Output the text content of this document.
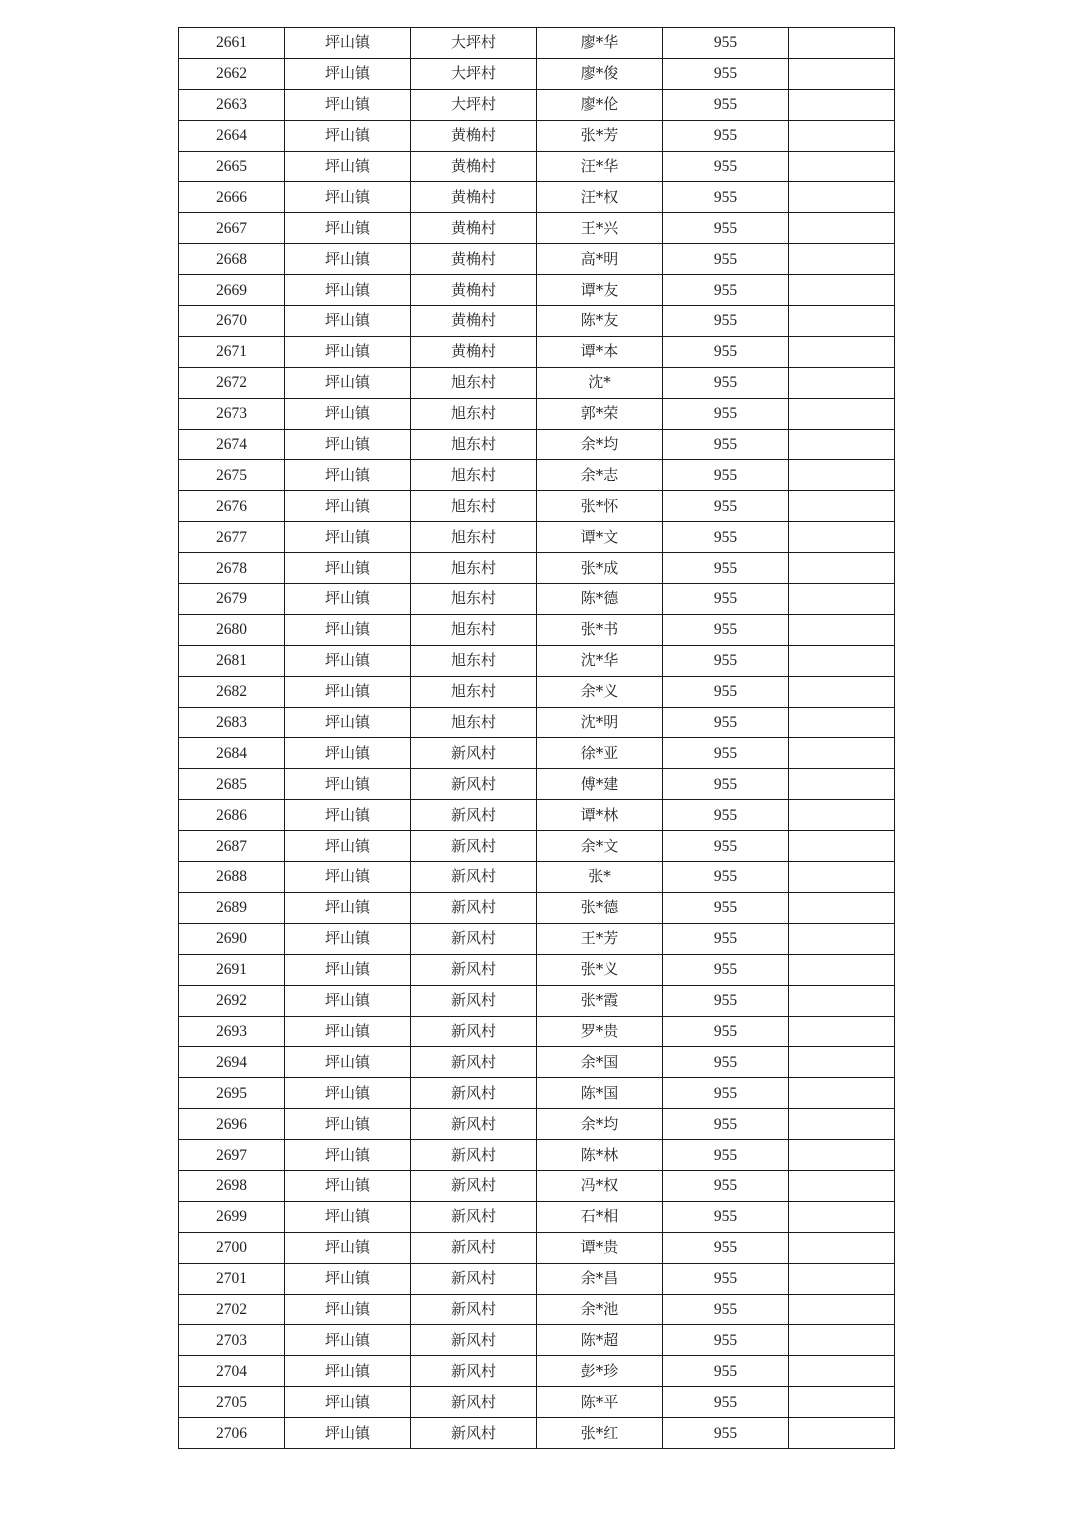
2661	坪山镇	大坪村	廖*华	955	
2662	坪山镇	大坪村	廖*俊	955	
2663	坪山镇	大坪村	廖*伦	955	
2664	坪山镇	黄桷村	张*芳	955	
2665	坪山镇	黄桷村	汪*华	955	
2666	坪山镇	黄桷村	汪*权	955	
2667	坪山镇	黄桷村	王*兴	955	
2668	坪山镇	黄桷村	高*明	955	
2669	坪山镇	黄桷村	谭*友	955	
2670	坪山镇	黄桷村	陈*友	955	
2671	坪山镇	黄桷村	谭*本	955	
2672	坪山镇	旭东村	沈*	955	
2673	坪山镇	旭东村	郭*荣	955	
2674	坪山镇	旭东村	余*均	955	
2675	坪山镇	旭东村	余*志	955	
2676	坪山镇	旭东村	张*怀	955	
2677	坪山镇	旭东村	谭*文	955	
2678	坪山镇	旭东村	张*成	955	
2679	坪山镇	旭东村	陈*德	955	
2680	坪山镇	旭东村	张*书	955	
2681	坪山镇	旭东村	沈*华	955	
2682	坪山镇	旭东村	余*义	955	
2683	坪山镇	旭东村	沈*明	955	
2684	坪山镇	新风村	徐*亚	955	
2685	坪山镇	新风村	傅*建	955	
2686	坪山镇	新风村	谭*林	955	
2687	坪山镇	新风村	余*文	955	
2688	坪山镇	新风村	张*	955	
2689	坪山镇	新风村	张*德	955	
2690	坪山镇	新风村	王*芳	955	
2691	坪山镇	新风村	张*义	955	
2692	坪山镇	新风村	张*霞	955	
2693	坪山镇	新风村	罗*贵	955	
2694	坪山镇	新风村	余*国	955	
2695	坪山镇	新风村	陈*国	955	
2696	坪山镇	新风村	余*均	955	
2697	坪山镇	新风村	陈*林	955	
2698	坪山镇	新风村	冯*权	955	
2699	坪山镇	新风村	石*相	955	
2700	坪山镇	新风村	谭*贵	955	
2701	坪山镇	新风村	余*昌	955	
2702	坪山镇	新风村	余*池	955	
2703	坪山镇	新风村	陈*超	955	
2704	坪山镇	新风村	彭*珍	955	
2705	坪山镇	新风村	陈*平	955	
2706	坪山镇	新风村	张*红	955	
